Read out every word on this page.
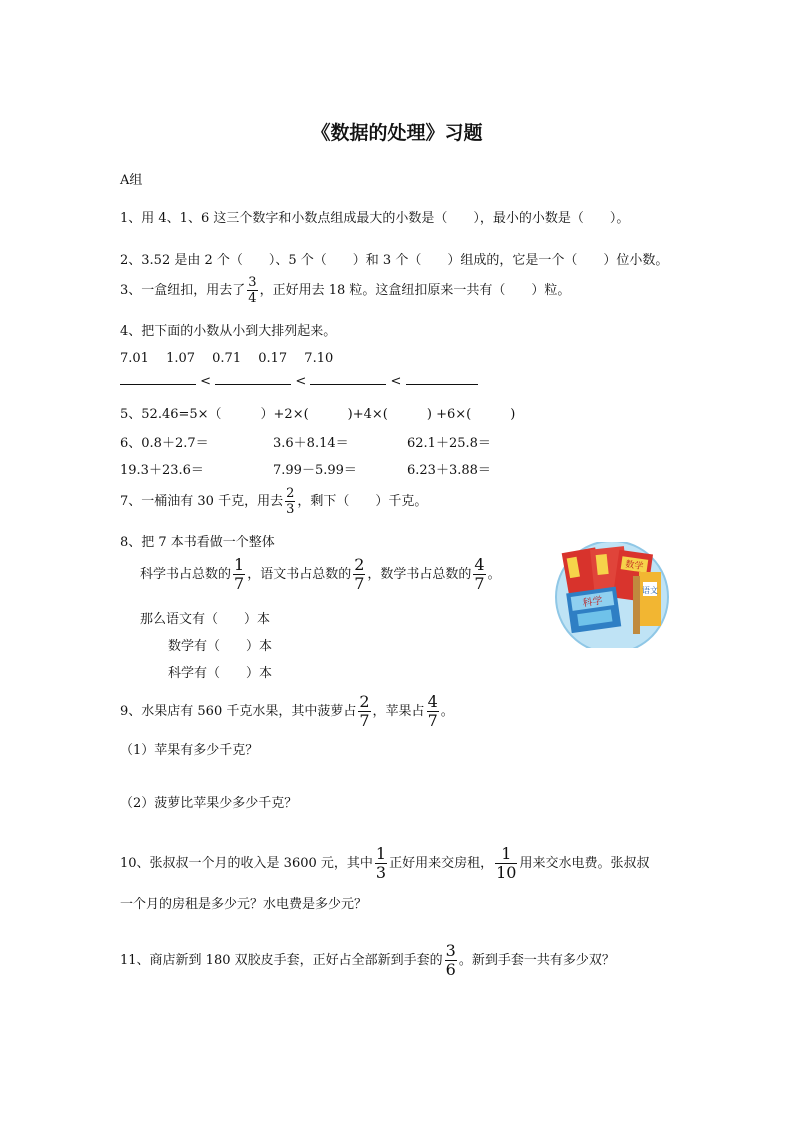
《数据的处理》习题
A组
1、用 4、1、6 这三个数字和小数点组成最大的小数是（　　），最小的小数是（　　）。
2、3.52 是由 2 个（　　）、5 个（　　）和 3 个（　　）组成的，它是一个（　　）位小数。
3、一盒纽扣，用去了 $\frac{3}{4}$ ，正好用去 18 粒。这盒纽扣原来一共有（　　）粒。
4、把下面的小数从小到大排列起来。
7.01　 1.07　 0.71　 0.17　 7.10
<	<	<
5、52.46=5×（　　　）+2×(　　　)+4×(　　　) +6×(　　　)
6、0.8＋2.7＝	3.6＋8.14＝	62.1＋25.8＝
19.3＋23.6＝	7.99－5.99＝	6.23＋3.88＝
7、一桶油有 30 千克，用去 $\frac{2}{3}$ ，剩下（　　）千克。
8、把 7 本书看做一个整体
科学书占总数的 $\frac{1}{7}$ ，语文书占总数的 $\frac{2}{7}$ ，数学书占总数的 $\frac{4}{7}$ 。
那么语文有（　　）本
数学有（　　）本
科学有（　　）本
数学
语文
科学
9、水果店有 560 千克水果，其中菠萝占 $\frac{2}{7}$ ，苹果占 $\frac{4}{7}$ 。
（1）苹果有多少千克？
（2）菠萝比苹果少多少千克？
10、张叔叔一个月的收入是 3600 元，其中 $\frac{1}{3}$ 正好用来交房租， $\frac{1}{10}$ 用来交水电费。张叔叔
一个月的房租是多少元？水电费是多少元？
11、商店新到 180 双胶皮手套，正好占全部新到手套的 $\frac{3}{6}$ 。新到手套一共有多少双？
